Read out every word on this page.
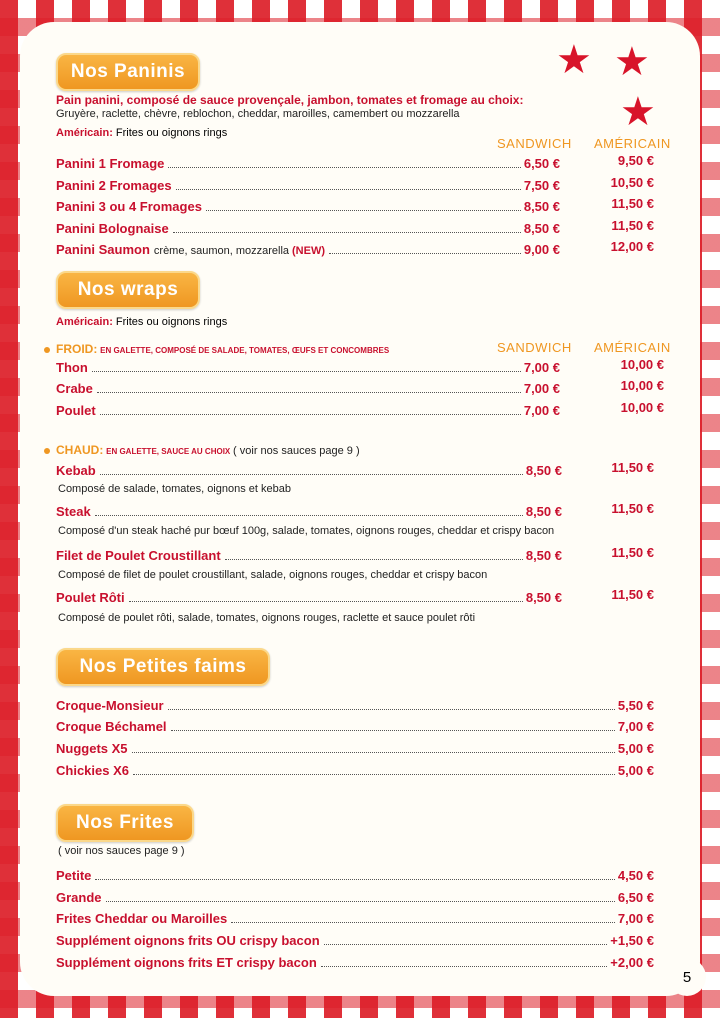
★ ★
★
Nos Paninis
Pain panini, composé de sauce provençale, jambon, tomates et fromage au choix:
Gruyère, raclette, chèvre, reblochon, cheddar, maroilles, camembert ou mozzarella
Américain: Frites ou oignons rings
SANDWICH AMÉRICAIN
Panini 1 Fromage	6,50 €	9,50 €
Panini 2 Fromages	7,50 €	10,50 €
Panini 3 ou 4 Fromages	8,50 €	11,50 €
Panini Bolognaise	8,50 €	11,50 €
Panini Saumon crème, saumon, mozzarella (NEW)	9,00 €	12,00 €
Nos wraps
Américain: Frites ou oignons rings
FROID: EN GALETTE, COMPOSÉ DE SALADE, TOMATES, ŒUFS ET CONCOMBRES	SANDWICH AMÉRICAIN
Thon	7,00 €	10,00 €
Crabe	7,00 €	10,00 €
Poulet	7,00 €	10,00 €
CHAUD: EN GALETTE, SAUCE AU CHOIX ( voir nos sauces page 9 )
Kebab	8,50 €	11,50 €
Composé de salade, tomates, oignons et kebab
Steak	8,50 €	11,50 €
Composé d'un steak haché pur bœuf 100g, salade, tomates, oignons rouges, cheddar et crispy bacon
Filet de Poulet Croustillant	8,50 €	11,50 €
Composé de filet de poulet croustillant, salade, oignons rouges, cheddar et crispy bacon
Poulet Rôti	8,50 €	11,50 €
Composé de poulet rôti, salade, tomates, oignons rouges, raclette et sauce poulet rôti
Nos Petites faims
Croque-Monsieur	5,50 €
Croque Béchamel	7,00 €
Nuggets X5	5,00 €
Chickies X6	5,00 €
Nos Frites
( voir nos sauces page 9 )
Petite	4,50 €
Grande	6,50 €
Frites Cheddar ou Maroilles	7,00 €
Supplément oignons frits OU crispy bacon	+1,50 €
Supplément oignons frits ET crispy bacon	+2,00 €
5
